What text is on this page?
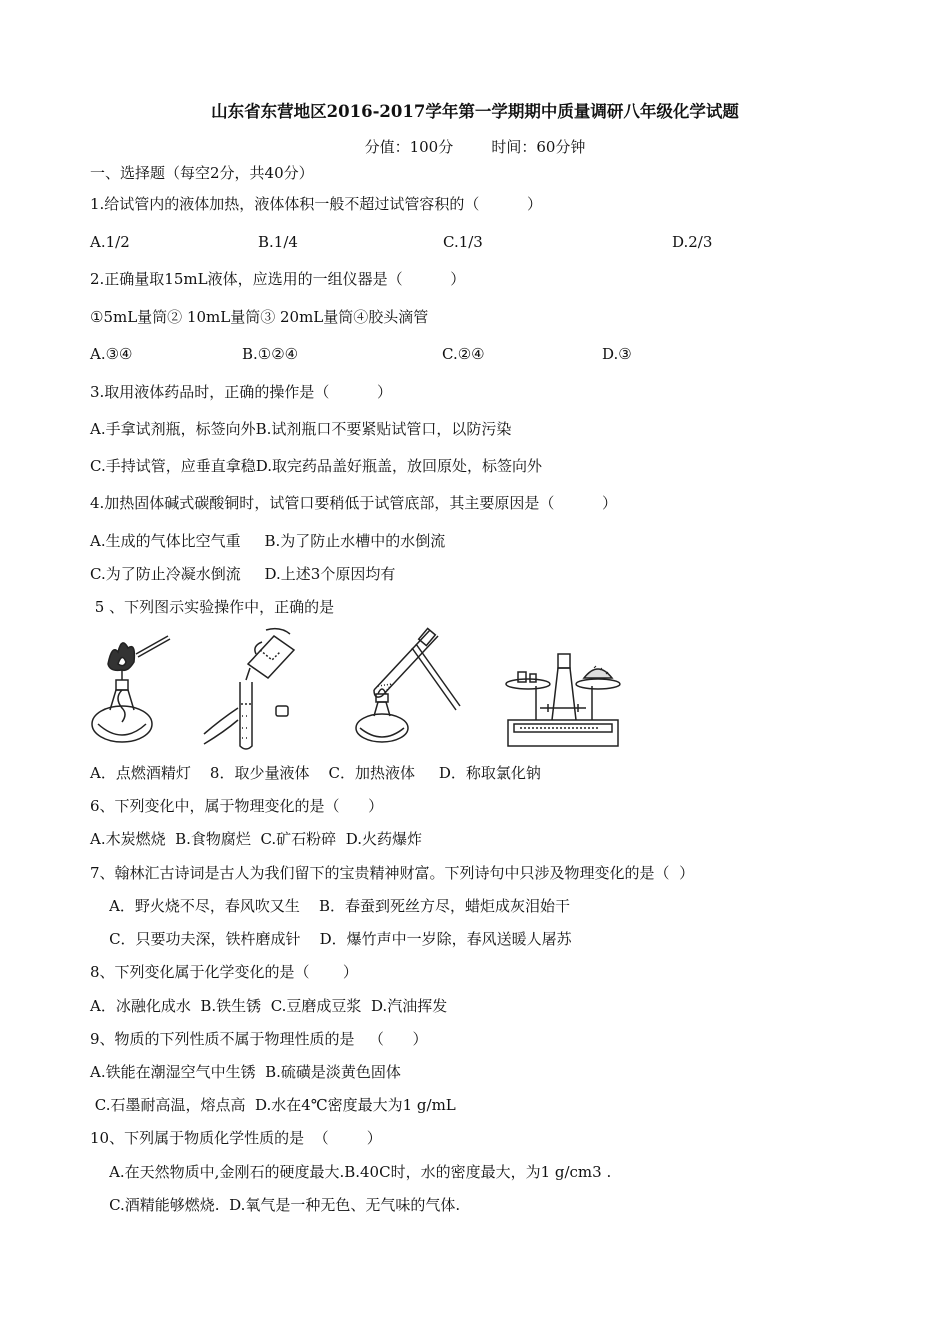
山东省东营地区2016-2017学年第一学期期中质量调研八年级化学试题
分值：100分        时间：60分钟
一、选择题（每空2分，共40分）
1.给试管内的液体加热，液体体积一般不超过试管容积的（          ）
A.1/2	B.1/4	C.1/3	D.2/3
2.正确量取15mL液体，应选用的一组仪器是（          ）
①5mL量筒② 10mL量筒③ 20mL量筒④胶头滴管
A.③④	B.①②④	C.②④	D.③
3.取用液体药品时，正确的操作是（          ）
A.手拿试剂瓶，标签向外B.试剂瓶口不要紧贴试管口，以防污染
C.手持试管，应垂直拿稳D.取完药品盖好瓶盖，放回原处，标签向外
4.加热固体碱式碳酸铜时，试管口要稍低于试管底部，其主要原因是（          ）
A.生成的气体比空气重     B.为了防止水槽中的水倒流
C.为了防止冷凝水倒流     D.上述3个原因均有
5 、下列图示实验操作中，正确的是
A．点燃酒精灯    8．取少量液体    C．加热液体     D．称取氯化钠
6、下列变化中，属于物理变化的是（      ）
A.木炭燃烧  B.食物腐烂  C.矿石粉碎  D.火药爆炸
7、翰林汇古诗词是古人为我们留下的宝贵精神财富。下列诗句中只涉及物理变化的是（  ）
A．野火烧不尽，春风吹又生    B．春蚕到死丝方尽，蜡炬成灰泪始干
C．只要功夫深，铁杵磨成针    D．爆竹声中一岁除，春风送暖人屠苏
8、下列变化属于化学变化的是（       ）
A．冰融化成水  B.铁生锈  C.豆磨成豆浆  D.汽油挥发
9、物质的下列性质不属于物理性质的是   （      ）
A.铁能在潮湿空气中生锈  B.硫磺是淡黄色固体
C.石墨耐高温，熔点高  D.水在4℃密度最大为1 g/mL
10、下列属于物质化学性质的是  （        ）
A.在天然物质中,金刚石的硬度最大.B.40C时，水的密度最大，为1 g/cm3 .
C.酒精能够燃烧.  D.氧气是一种无色、无气味的气体.
